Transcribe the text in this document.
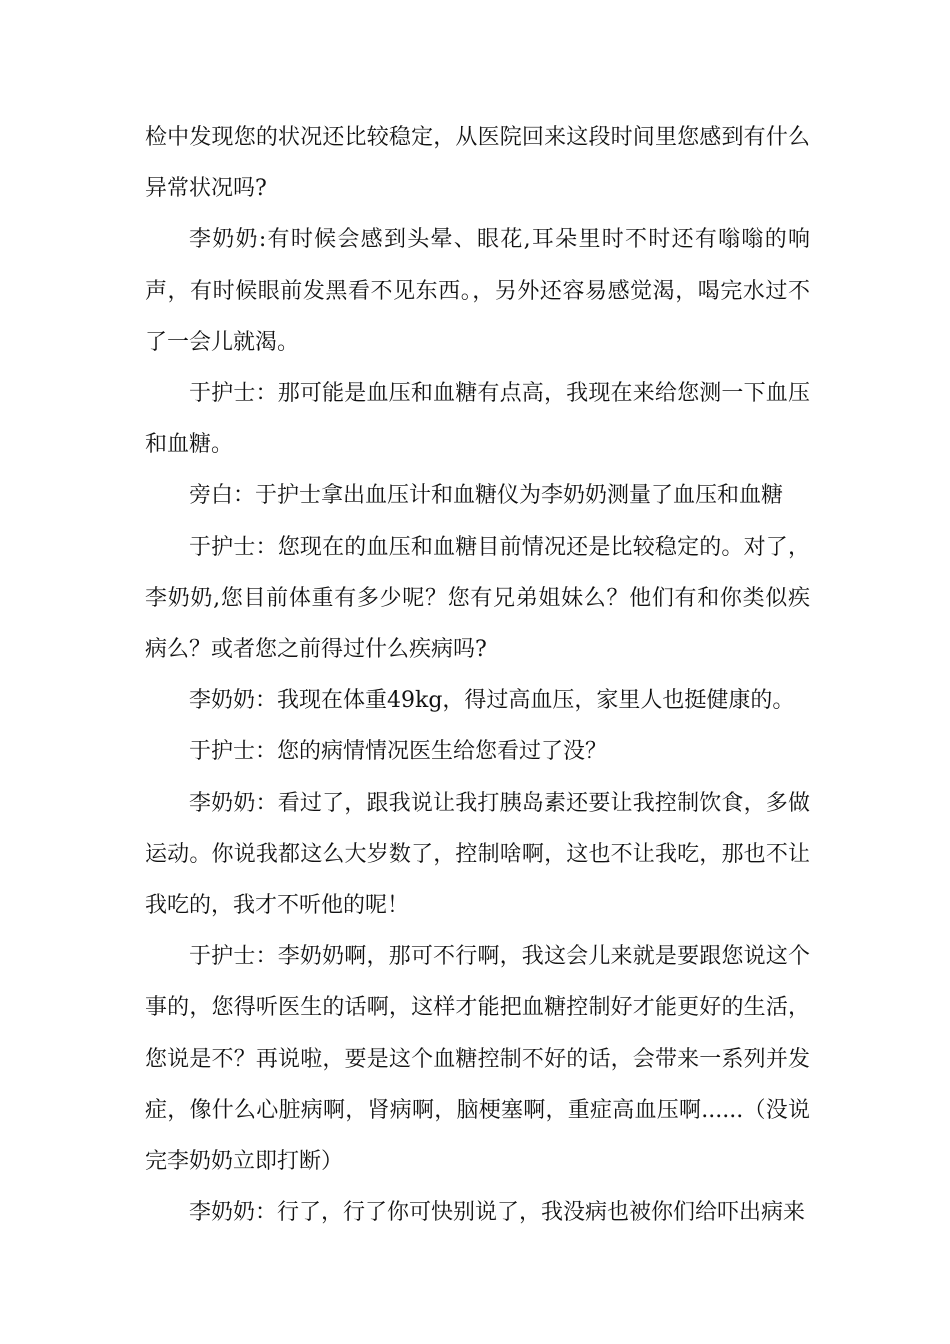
检中发现您的状况还比较稳定，从医院回来这段时间里您感到有什么异常状况吗?

李奶奶:有时候会感到头晕、眼花,耳朵里时不时还有嗡嗡的响声，有时候眼前发黑看不见东西。，另外还容易感觉渴，喝完水过不了一会儿就渴。

于护士：那可能是血压和血糖有点高，我现在来给您测一下血压和血糖。

旁白：于护士拿出血压计和血糖仪为李奶奶测量了血压和血糖

于护士：您现在的血压和血糖目前情况还是比较稳定的。对了，李奶奶,您目前体重有多少呢？您有兄弟姐妹么？他们有和你类似疾病么？或者您之前得过什么疾病吗?

李奶奶：我现在体重49kg，得过高血压，家里人也挺健康的。

于护士：您的病情情况医生给您看过了没？

李奶奶：看过了，跟我说让我打胰岛素还要让我控制饮食，多做运动。你说我都这么大岁数了，控制啥啊，这也不让我吃，那也不让我吃的，我才不听他的呢！

于护士：李奶奶啊，那可不行啊，我这会儿来就是要跟您说这个事的，您得听医生的话啊，这样才能把血糖控制好才能更好的生活，您说是不？再说啦，要是这个血糖控制不好的话，会带来一系列并发症，像什么心脏病啊，肾病啊，脑梗塞啊，重症高血压啊......（没说完李奶奶立即打断）

李奶奶：行了，行了你可快别说了，我没病也被你们给吓出病来
